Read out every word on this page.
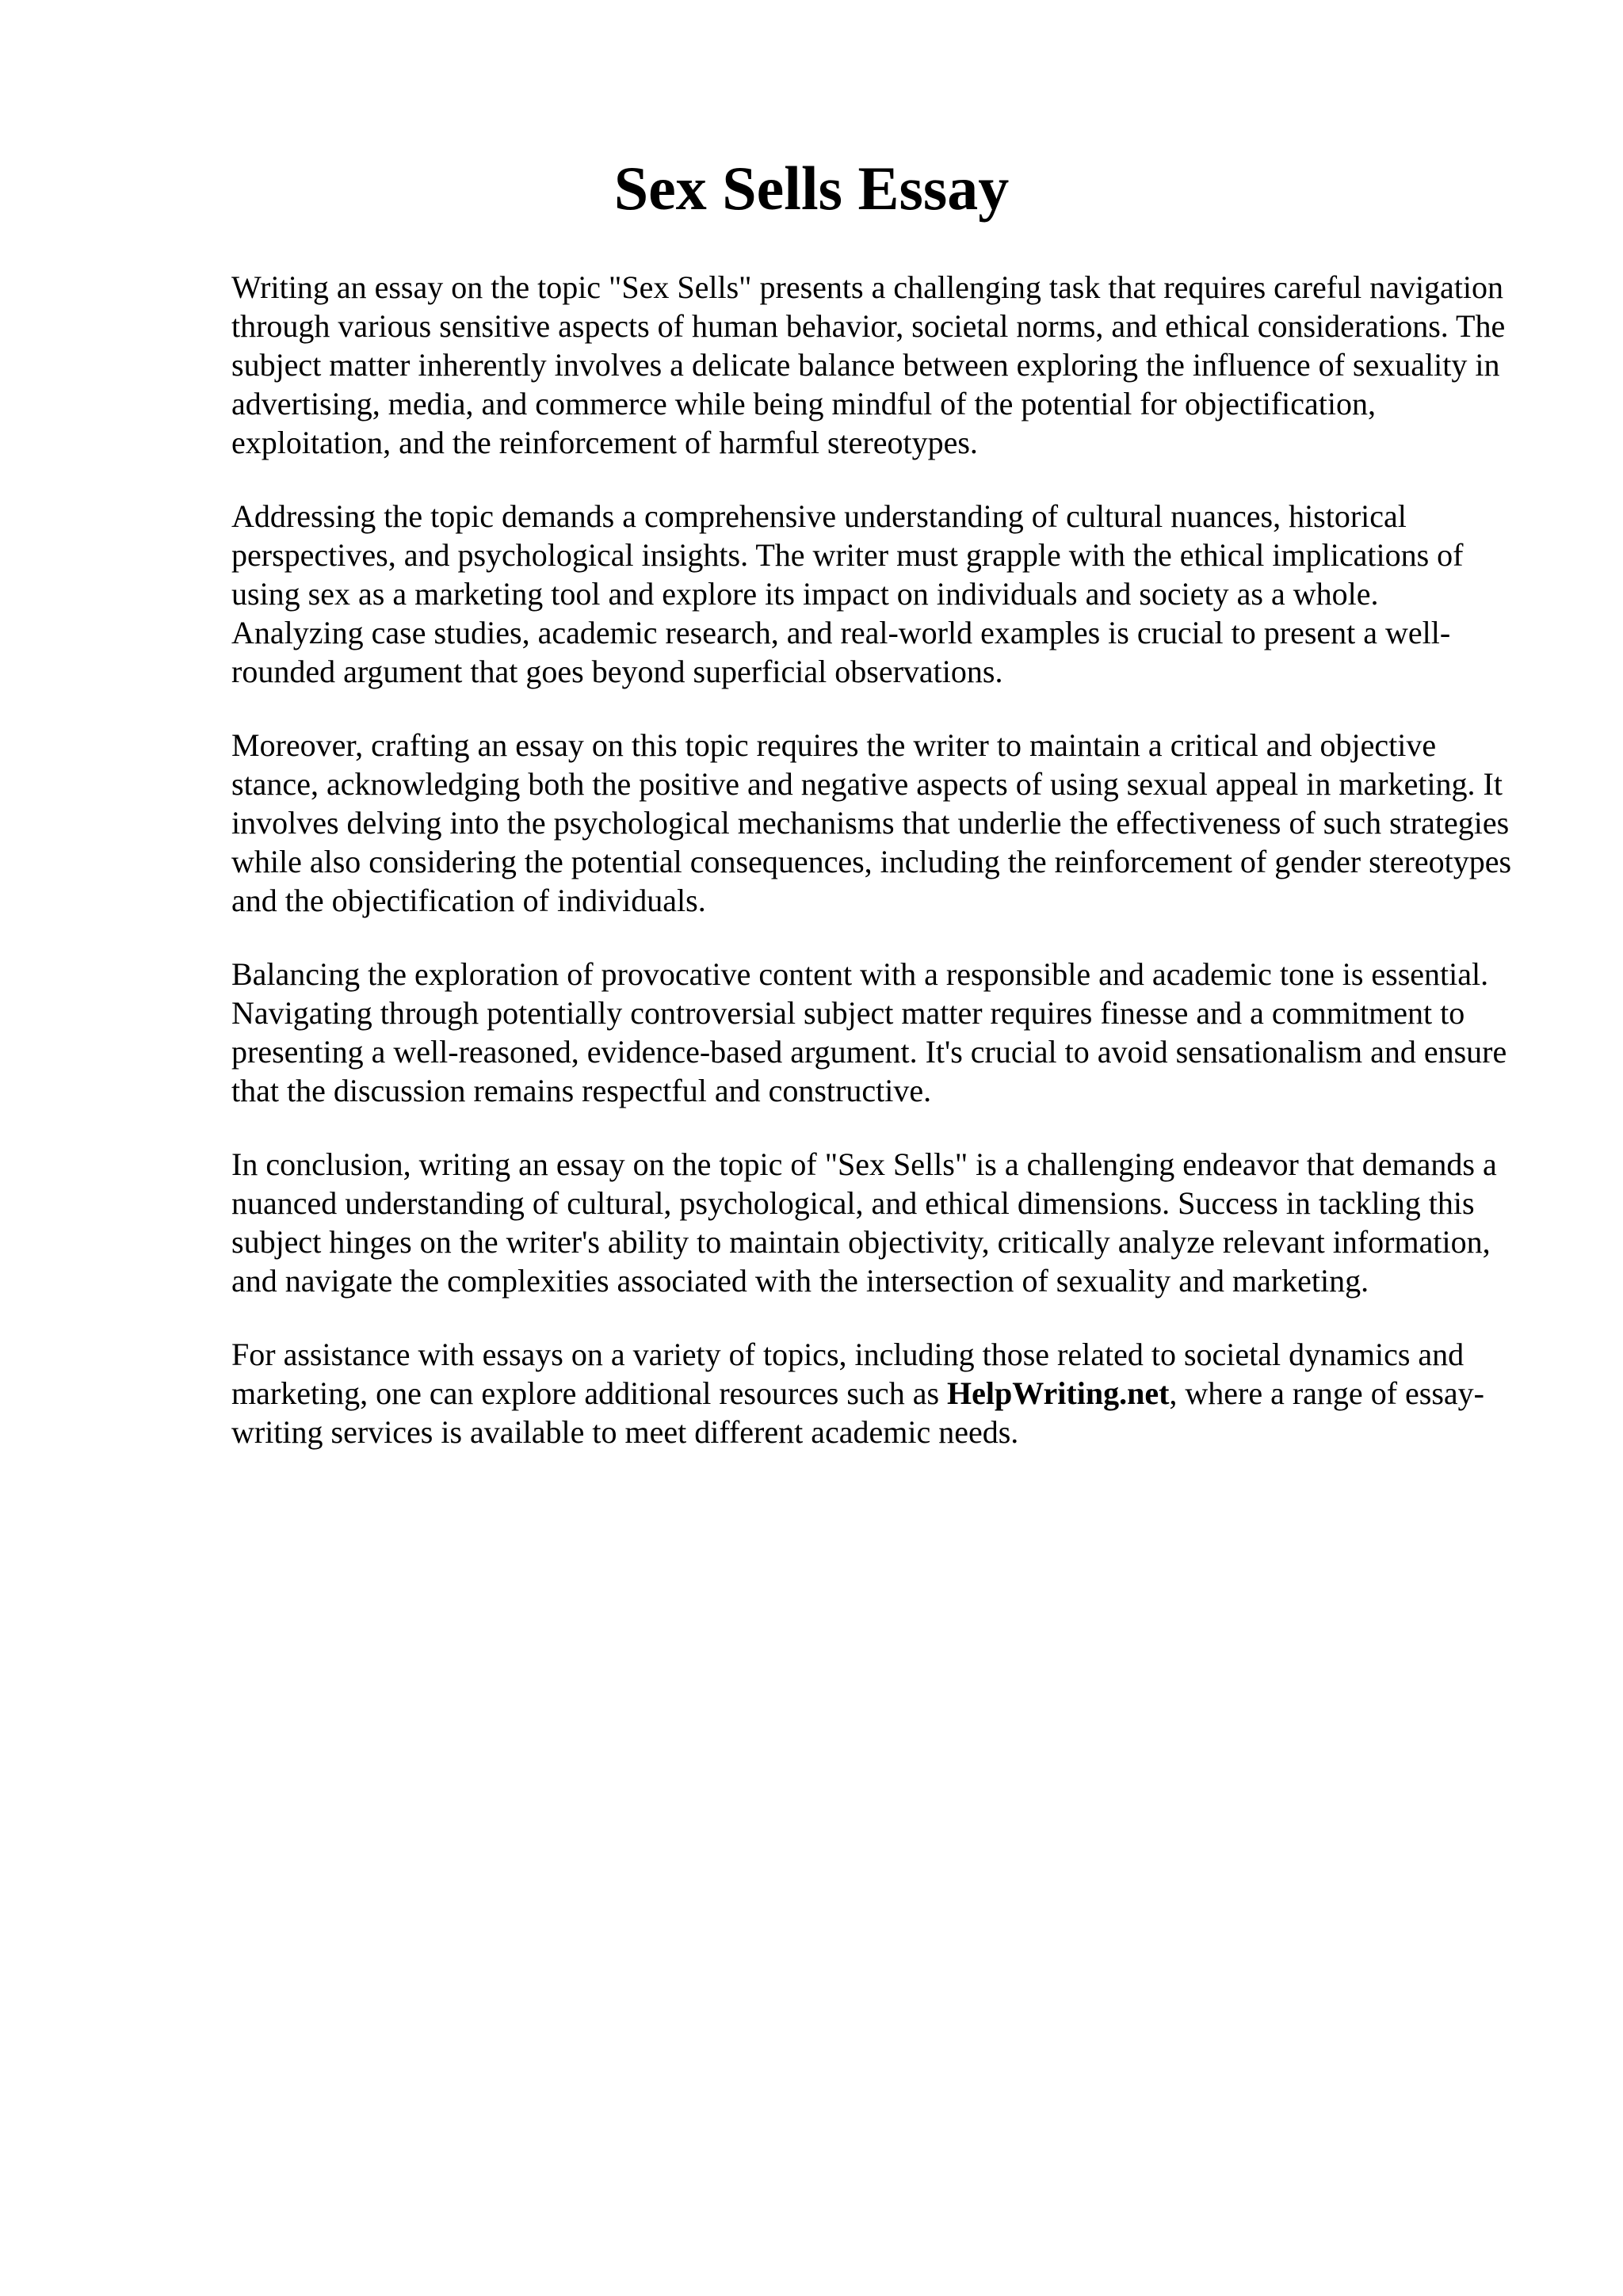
Sex Sells Essay

Writing an essay on the topic "Sex Sells" presents a challenging task that requires careful navigation through various sensitive aspects of human behavior, societal norms, and ethical considerations. The subject matter inherently involves a delicate balance between exploring the influence of sexuality in advertising, media, and commerce while being mindful of the potential for objectification, exploitation, and the reinforcement of harmful stereotypes.

Addressing the topic demands a comprehensive understanding of cultural nuances, historical perspectives, and psychological insights. The writer must grapple with the ethical implications of using sex as a marketing tool and explore its impact on individuals and society as a whole. Analyzing case studies, academic research, and real-world examples is crucial to present a well-rounded argument that goes beyond superficial observations.

Moreover, crafting an essay on this topic requires the writer to maintain a critical and objective stance, acknowledging both the positive and negative aspects of using sexual appeal in marketing. It involves delving into the psychological mechanisms that underlie the effectiveness of such strategies while also considering the potential consequences, including the reinforcement of gender stereotypes and the objectification of individuals.

Balancing the exploration of provocative content with a responsible and academic tone is essential. Navigating through potentially controversial subject matter requires finesse and a commitment to presenting a well-reasoned, evidence-based argument. It's crucial to avoid sensationalism and ensure that the discussion remains respectful and constructive.

In conclusion, writing an essay on the topic of "Sex Sells" is a challenging endeavor that demands a nuanced understanding of cultural, psychological, and ethical dimensions. Success in tackling this subject hinges on the writer's ability to maintain objectivity, critically analyze relevant information, and navigate the complexities associated with the intersection of sexuality and marketing.

For assistance with essays on a variety of topics, including those related to societal dynamics and marketing, one can explore additional resources such as HelpWriting.net, where a range of essay-writing services is available to meet different academic needs.
